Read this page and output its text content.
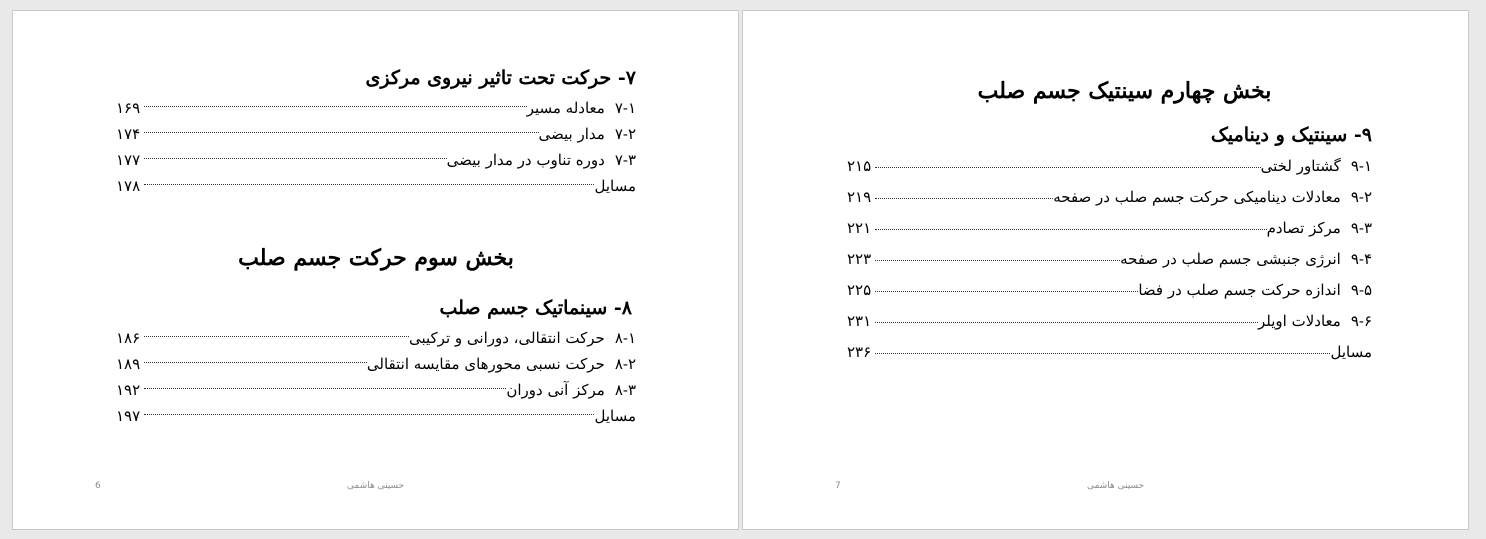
۷- حرکت تحت تاثیر نیروی مرکزی
۷-۱
معادله مسیر
۱۶۹
۷-۲
مدار بیضی
۱۷۴
۷-۳
دوره تناوب در مدار بیضی
۱۷۷
مسایل
۱۷۸
بخش سوم حرکت جسم صلب
۸- سینماتیک جسم صلب
۸-۱
حرکت انتقالی، دورانی و ترکیبی
۱۸۶
۸-۲
حرکت نسبی محورهای مقایسه انتقالی
۱۸۹
۸-۳
مرکز آنی دوران
۱۹۲
مسایل
۱۹۷
6	حسینی هاشمی
بخش چهارم سینتیک جسم صلب
۹- سینتیک و دینامیک
۹-۱
گشتاور لختی
۲۱۵
۹-۲
معادلات دینامیکی حرکت جسم صلب در صفحه
۲۱۹
۹-۳
مرکز تصادم
۲۲۱
۹-۴
انرژی جنبشی جسم صلب در صفحه
۲۲۳
۹-۵
اندازه حرکت جسم صلب در فضا
۲۲۵
۹-۶
معادلات اویلر
۲۳۱
مسایل
۲۳۶
7	حسینی هاشمی
